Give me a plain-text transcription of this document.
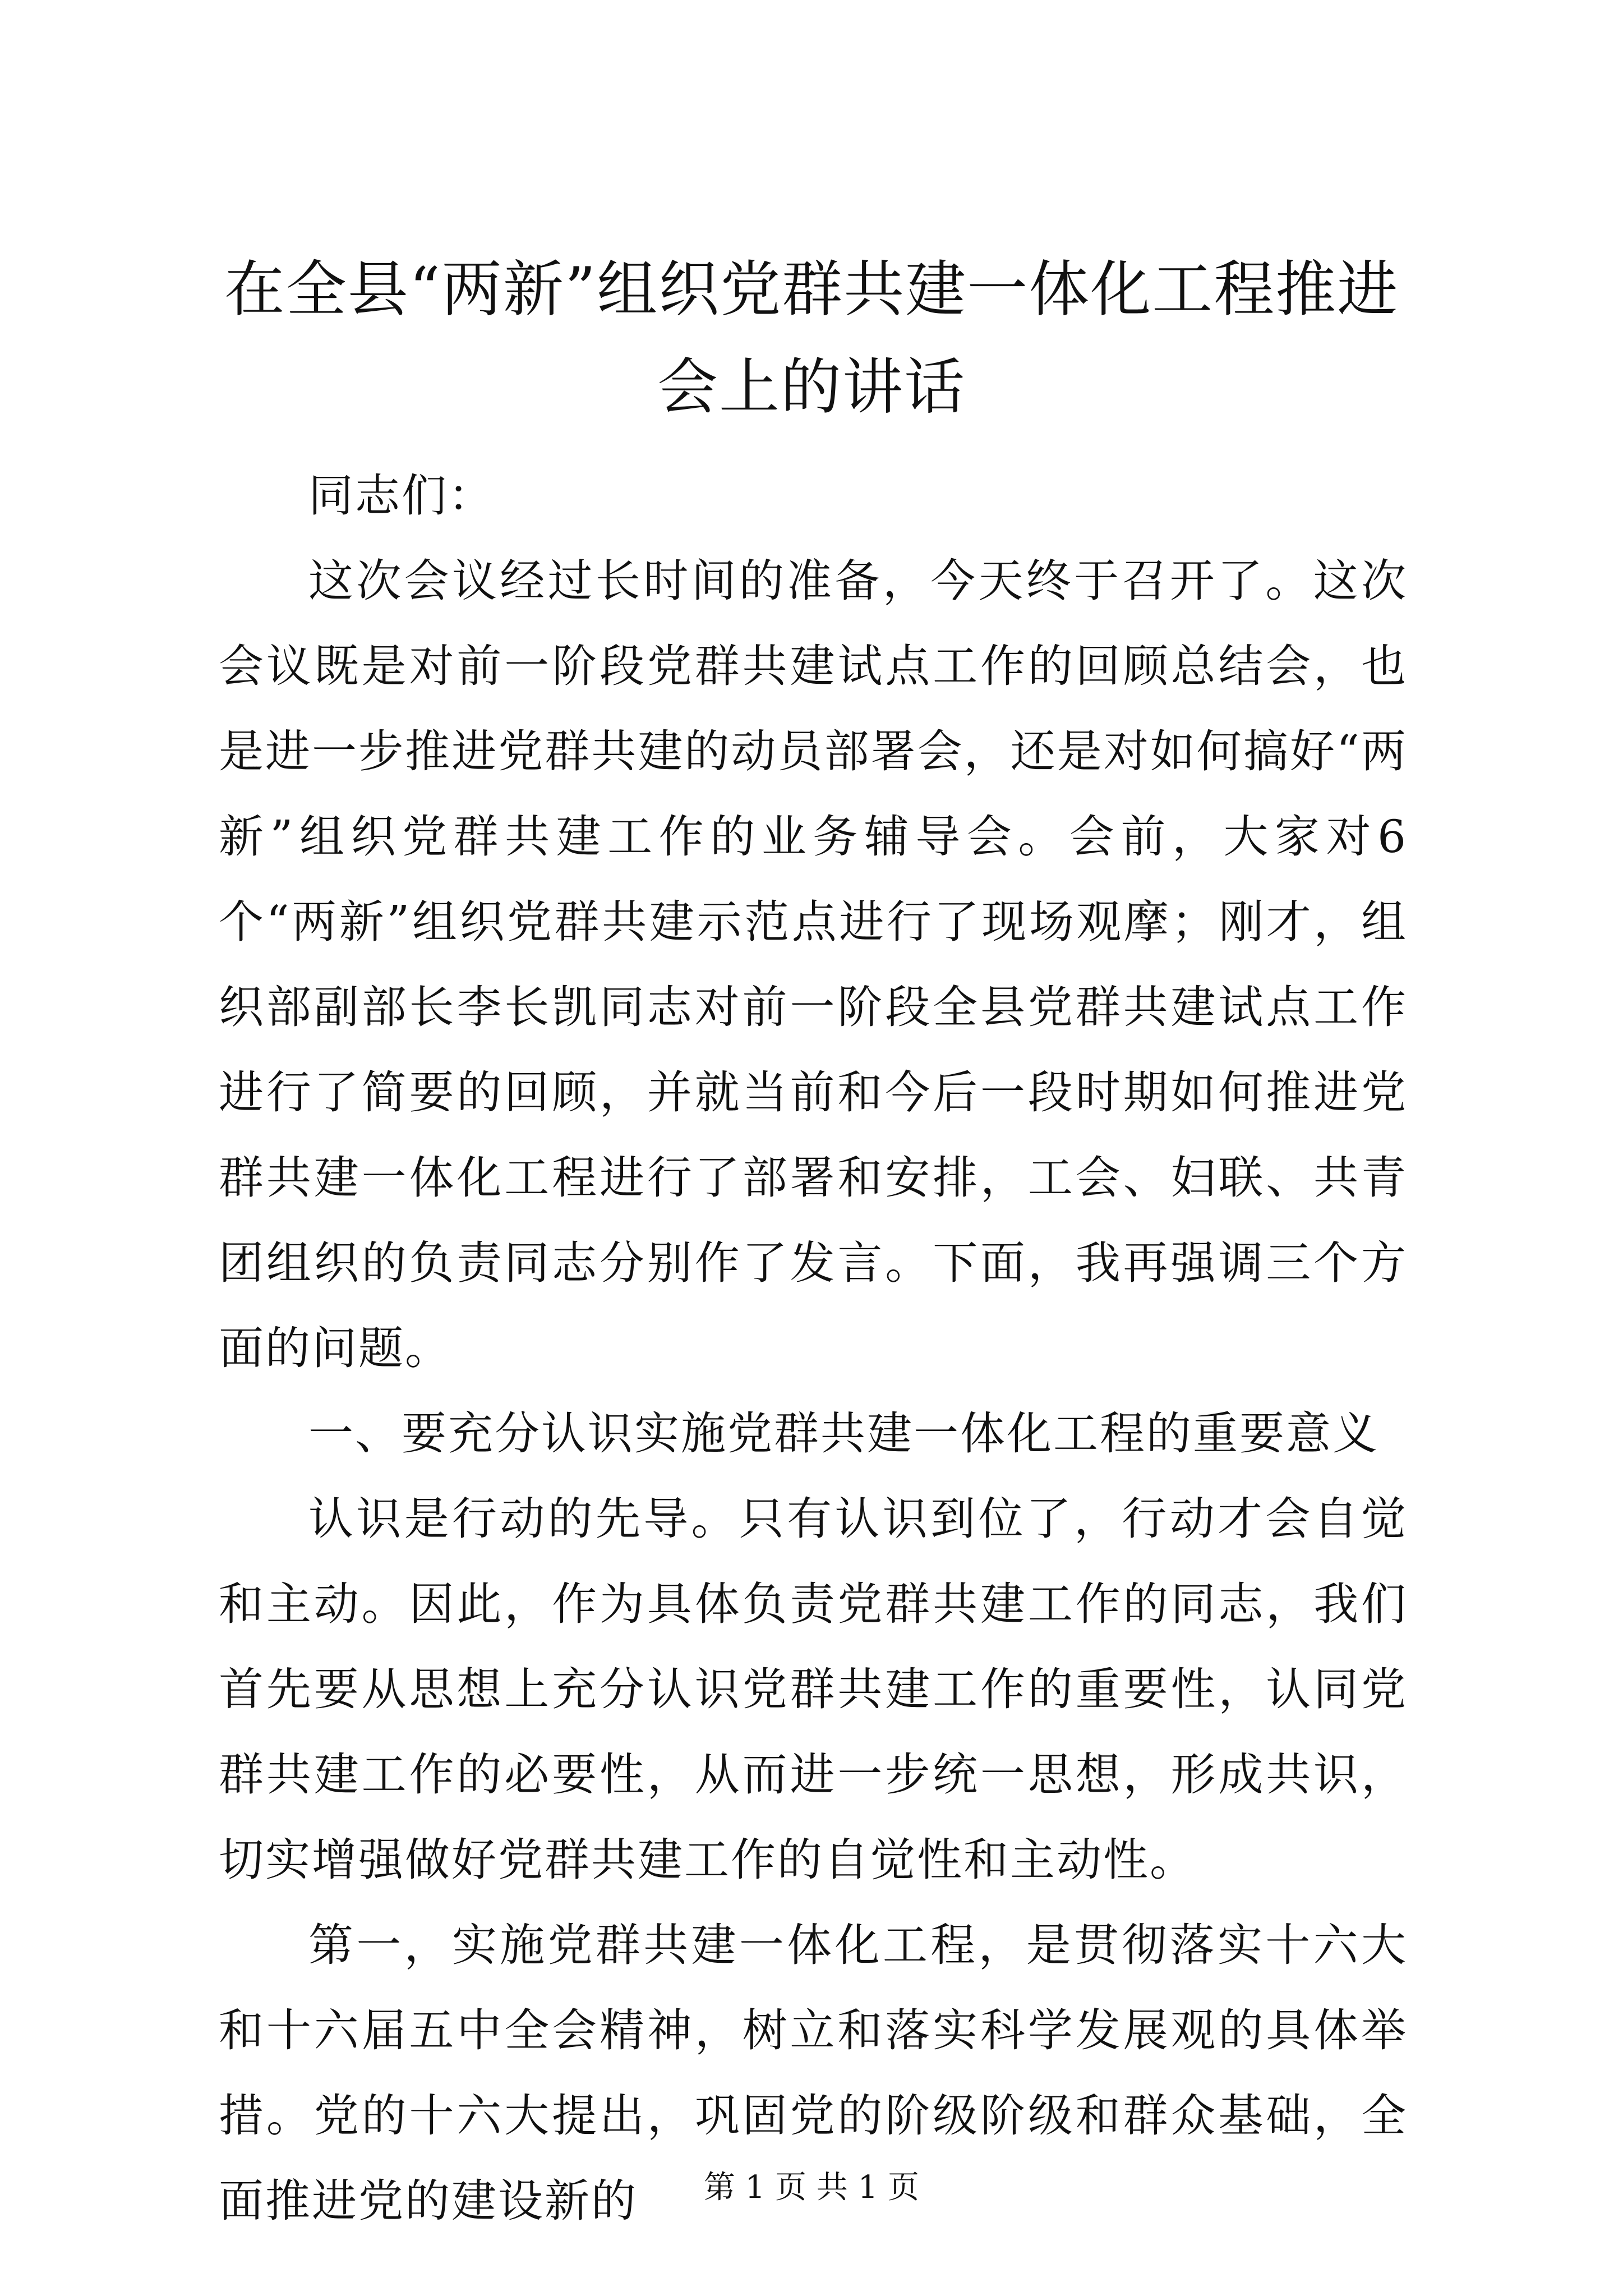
在全县“两新”组织党群共建一体化工程推进会上的讲话

同志们：

这次会议经过长时间的准备，今天终于召开了。这次会议既是对前一阶段党群共建试点工作的回顾总结会，也是进一步推进党群共建的动员部署会，还是对如何搞好“两新”组织党群共建工作的业务辅导会。会前，大家对6个“两新”组织党群共建示范点进行了现场观摩；刚才，组织部副部长李长凯同志对前一阶段全县党群共建试点工作进行了简要的回顾，并就当前和今后一段时期如何推进党群共建一体化工程进行了部署和安排，工会、妇联、共青团组织的负责同志分别作了发言。下面，我再强调三个方面的问题。

一、要充分认识实施党群共建一体化工程的重要意义

认识是行动的先导。只有认识到位了，行动才会自觉和主动。因此，作为具体负责党群共建工作的同志，我们首先要从思想上充分认识党群共建工作的重要性，认同党群共建工作的必要性，从而进一步统一思想，形成共识，切实增强做好党群共建工作的自觉性和主动性。

第一，实施党群共建一体化工程，是贯彻落实十六大和十六届五中全会精神，树立和落实科学发展观的具体举措。党的十六大提出，巩固党的阶级阶级和群众基础，全面推进党的建设新的	第 1 页 共 1 页
